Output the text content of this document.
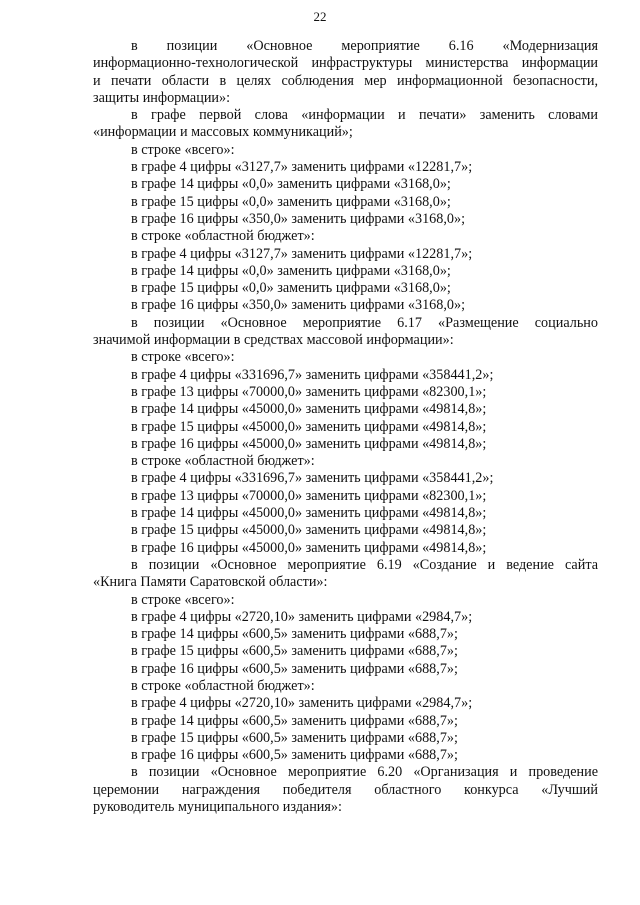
22

в позиции «Основное мероприятие 6.16 «Модернизация

информационно-технологической инфраструктуры министерства информации

и печати области в целях соблюдения мер информационной безопасности,

защиты информации»:

в графе первой слова «информации и печати» заменить словами

«информации и массовых коммуникаций»;

в строке «всего»:

в графе 4 цифры «3127,7» заменить цифрами «12281,7»;

в графе 14 цифры «0,0» заменить цифрами «3168,0»;

в графе 15 цифры «0,0» заменить цифрами «3168,0»;

в графе 16 цифры «350,0» заменить цифрами «3168,0»;

в строке «областной бюджет»:

в графе 4 цифры «3127,7» заменить цифрами «12281,7»;

в графе 14 цифры «0,0» заменить цифрами «3168,0»;

в графе 15 цифры «0,0» заменить цифрами «3168,0»;

в графе 16 цифры «350,0» заменить цифрами «3168,0»;

в позиции «Основное мероприятие 6.17 «Размещение социально

значимой информации в средствах массовой информации»:

в строке «всего»:

в графе 4 цифры «331696,7» заменить цифрами «358441,2»;

в графе 13 цифры «70000,0» заменить цифрами «82300,1»;

в графе 14 цифры «45000,0» заменить цифрами «49814,8»;

в графе 15 цифры «45000,0» заменить цифрами «49814,8»;

в графе 16 цифры «45000,0» заменить цифрами «49814,8»;

в строке «областной бюджет»:

в графе 4 цифры «331696,7» заменить цифрами «358441,2»;

в графе 13 цифры «70000,0» заменить цифрами «82300,1»;

в графе 14 цифры «45000,0» заменить цифрами «49814,8»;

в графе 15 цифры «45000,0» заменить цифрами «49814,8»;

в графе 16 цифры «45000,0» заменить цифрами «49814,8»;

в позиции «Основное мероприятие 6.19 «Создание и ведение сайта

«Книга Памяти Саратовской области»:

в строке «всего»:

в графе 4 цифры «2720,10» заменить цифрами «2984,7»;

в графе 14 цифры «600,5» заменить цифрами «688,7»;

в графе 15 цифры «600,5» заменить цифрами «688,7»;

в графе 16 цифры «600,5» заменить цифрами «688,7»;

в строке «областной бюджет»:

в графе 4 цифры «2720,10» заменить цифрами «2984,7»;

в графе 14 цифры «600,5» заменить цифрами «688,7»;

в графе 15 цифры «600,5» заменить цифрами «688,7»;

в графе 16 цифры «600,5» заменить цифрами «688,7»;

в позиции «Основное мероприятие 6.20 «Организация и проведение

церемонии награждения победителя областного конкурса «Лучший

руководитель муниципального издания»:
